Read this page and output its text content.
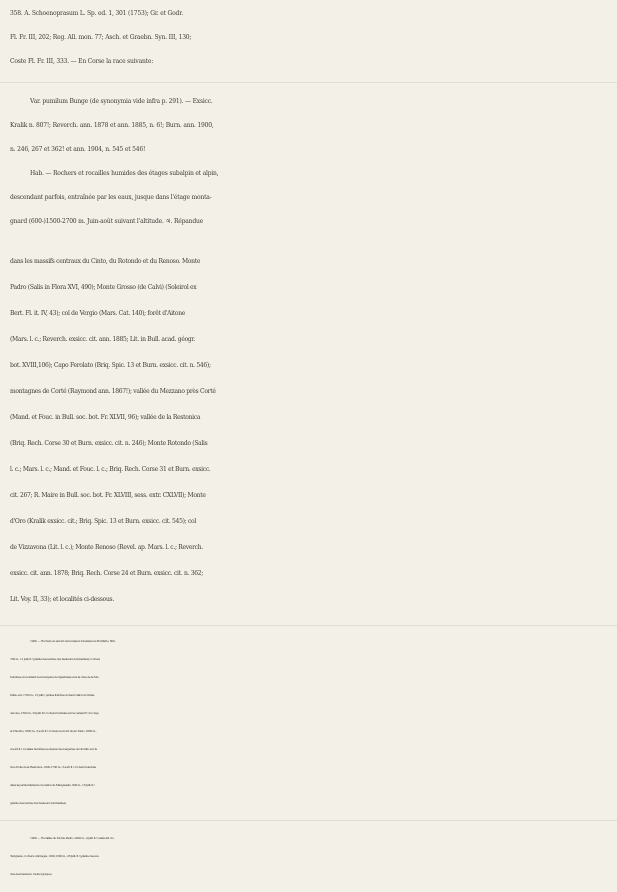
358. A. Schoenoprasum L. Sp. ed. 1, 301 (1753); Gr. et Godr.
Fl. Fr. III, 202; Reg. All. mon. 77; Asch. et Graebn. Syn. III, 130;
Coste Fl. Fr. III, 333. — En Corse la race suivante:
Var. pumilum Bunge (de synonymia vide infra p. 291). — Exsicc.
Kralik n. 807!; Reverch. ann. 1878 et ann. 1885, n. 6!; Burn. ann. 1900,
n. 246, 267 et 362! et ann. 1904, n. 545 et 546!
Hab. — Rochers et rocailles humides des étages subalpin et alpin,
descendant parfois, entraînée par les eaux, jusque dans l'étage monta-
gnard (600-)1500-2700 m. Juin-août suivant l'altitude. ♃. Répandue
dans les massifs centraux du Cinto, du Rotondo et du Renoso. Monte
Padro (Salis in Flora XVI, 490); Monte Grosso (de Calvi) (Soleirol ex
Bert. Fl. it. IV, 43); col de Vergio (Mars. Cat. 140); forêt d'Aitone
(Mars. l. c.; Reverch. exsicc. cit. ann. 1885; Lit. in Bull. acad. géogr.
bot. XVIII,106); Capo Ferolato (Briq. Spic. 13 et Burn. exsicc. cit. n. 546);
montagnes de Corté (Raymond ann. 1867!); vallée du Mezzano près Corté
(Mand. et Fouc. in Bull. soc. bot. Fr. XLVII, 96); vallée de la Restonica
(Briq. Rech. Corse 30 et Burn. exsicc. cit. n. 246); Monte Rotondo (Salis
l. c.; Mars. l. c.; Mand. et Fouc. l. c.; Briq. Rech. Corse 31 et Burn. exsicc.
cit. 267; R. Maire in Bull. soc. bot. Fr. XLVIII, sess. extr. CXLVII); Monte
d'Oro (Kralik exsicc. cit.; Briq. Spic. 13 et Burn. exsicc. cit. 545); col
de Vizzavona (Lit. l. c.); Monte Renoso (Revel. ap. Mars. l. c.; Reverch.
exsicc. cit. ann. 1878; Briq. Rech. Corse 24 et Burn. exsicc. cit. n. 362;
Lit. Voy. II, 33); et localités ci-dessous.
1906. — Rochers en amont de la maison forestière de Bonifatto, 600-
700 m., 11 juill. fl.! (plante descendue des hauteurs dominantes); rochers
humides en montant de la bergerie de Spasimata vers la cime de la Mu-
frella, env. 1700 m., 12 juill.!; pentes fraîches du haut vallon de Stran-
ciacone, 1600 m., 29 juill. fl.!; rochers humides sur le versant E. du Capo
al Chiostro, 1800 m., 3 août fl.!; rochers au bord du lac Melo, 1800 m.,
4 août fl.!; rocailles humides au-dessus des bergeries de Grotello sur la
rive droite de la Restonica, 1600-1700 m., 3 août fl.!; rochers humides
dans la partie inférieure du vallon de Manganello, 900 m., 18 juill. fl.!
(plante descendue des hauteurs dominantes).
1908. — Rocailles du Monte Padro, 2000 m., 4 juill. fl.!; vallée inf. du
Tavignano, rochers ombragés, 1200-1300 m., 28 juill. fl.! (plante descen-
due des hauteurs, moins typique).
